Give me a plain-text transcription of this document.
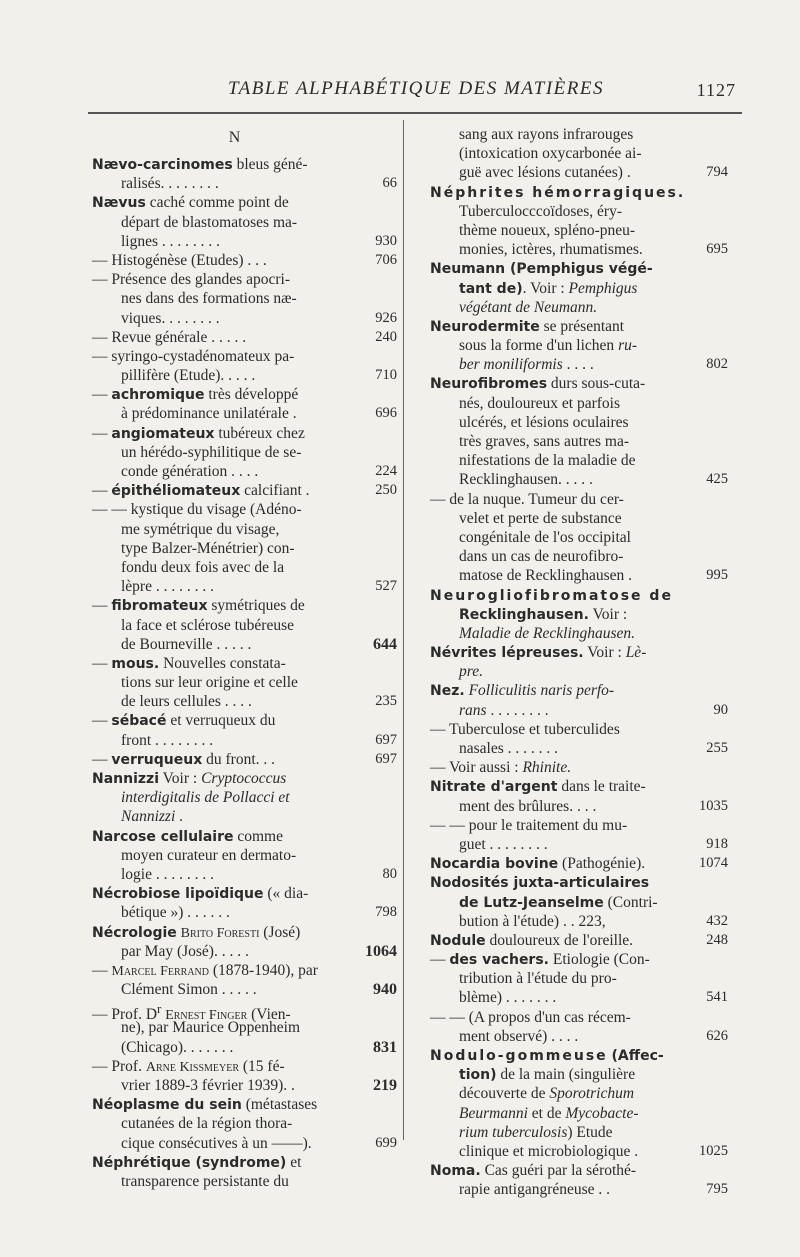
TABLE ALPHABÉTIQUE DES MATIÈRES	1127
N
Nævo-carcinomes bleus géné-
ralisés. . . . . . . .	66
Nævus caché comme point de
départ de blastomatoses ma-
lignes . . . . . . . .	930
— Histogénèse (Etudes) . . .	706
— Présence des glandes apocri-
nes dans des formations næ-
viques. . . . . . . .	926
— Revue générale . . . . .	240
— syringo-cystadénomateux pa-
pillifère (Etude). . . . .	710
— achromique très développé
à prédominance unilatérale .	696
— angiomateux tubéreux chez
un hérédo-syphilitique de se-
conde génération . . . .	224
— épithéliomateux calcifiant .	250
— — kystique du visage (Adéno-
me symétrique du visage,
type Balzer-Ménétrier) con-
fondu deux fois avec de la
lèpre . . . . . . . .	527
— fibromateux symétriques de
la face et sclérose tubéreuse
de Bourneville . . . . .	644
— mous. Nouvelles constata-
tions sur leur origine et celle
de leurs cellules . . . .	235
— sébacé et verruqueux du
front . . . . . . . .	697
— verruqueux du front. . .	697
Nannizzi Voir : Cryptococcus
interdigitalis de Pollacci et
Nannizzi .
Narcose cellulaire comme
moyen curateur en dermato-
logie . . . . . . . .	80
Nécrobiose lipoïdique (« dia-
bétique ») . . . . . .	798
Nécrologie Brito Foresti (José)
par May (José). . . . .	1064
— Marcel Ferrand (1878-1940), par
Clément Simon . . . . .	940
— Prof. $D^r$ Ernest Finger (Vien-
ne), par Maurice Oppenheim
(Chicago). . . . . . .	831
— Prof. Arne Kissmeyer (15 fé-
vrier 1889-3 février 1939). .	219
Néoplasme du sein (métastases
cutanées de la région thora-
cique consécutives à un ——).	699
Néphrétique (syndrome) et
transparence persistante du
sang aux rayons infrarouges
(intoxication oxycarbonée ai-
guë avec lésions cutanées) .	794
Néphrites hémorragiques.
Tuberculocccoïdoses, éry-
thème noueux, spléno-pneu-
monies, ictères, rhumatismes.	695
Neumann (Pemphigus végé-
tant de). Voir : Pemphigus
végétant de Neumann.
Neurodermite se présentant
sous la forme d'un lichen ru-
ber moniliformis . . . .	802
Neurofibromes durs sous-cuta-
nés, douloureux et parfois
ulcérés, et lésions oculaires
très graves, sans autres ma-
nifestations de la maladie de
Recklinghausen. . . . .	425
— de la nuque. Tumeur du cer-
velet et perte de substance
congénitale de l'os occipital
dans un cas de neurofibro-
matose de Recklinghausen .	995
Neurogliofibromatose de
Recklinghausen. Voir :
Maladie de Recklinghausen.
Névrites lépreuses. Voir : Lè-
pre.
Nez. Folliculitis naris perfo-
rans . . . . . . . .	90
— Tuberculose et tuberculides
nasales . . . . . . .	255
— Voir aussi : Rhinite.
Nitrate d'argent dans le traite-
ment des brûlures. . . .	1035
— — pour le traitement du mu-
guet . . . . . . . .	918
Nocardia bovine (Pathogénie).	1074
Nodosités juxta-articulaires
de Lutz-Jeanselme (Contri-
bution à l'étude) . . 223,	432
Nodule douloureux de l'oreille.	248
— des vachers. Etiologie (Con-
tribution à l'étude du pro-
blème) . . . . . . .	541
— — (A propos d'un cas récem-
ment observé) . . . .	626
Nodulo-gommeuse (Affec-
tion) de la main (singulière
découverte de Sporotrichum
Beurmanni et de Mycobacte-
rium tuberculosis) Etude
clinique et microbiologique .	1025
Noma. Cas guéri par la sérothé-
rapie antigangréneuse . .	795
